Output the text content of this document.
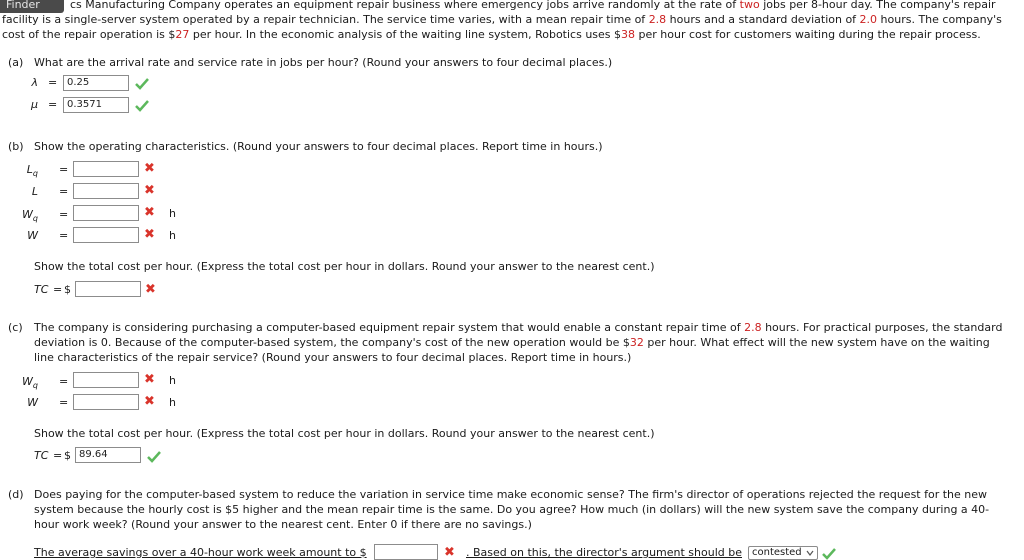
Finder	cs Manufacturing Company operates an equipment repair business where emergency jobs arrive randomly at the rate of two jobs per 8-hour day. The company's repair
facility is a single-server system operated by a repair technician. The service time varies, with a mean repair time of 2.8 hours and a standard deviation of 2.0 hours. The company's
cost of the repair operation is $27 per hour. In the economic analysis of the waiting line system, Robotics uses $38 per hour cost for customers waiting during the repair process.
(a) What are the arrival rate and service rate in jobs per hour? (Round your answers to four decimal places.)
λ = 0.25
μ = 0.3571
(b) Show the operating characteristics. (Round your answers to four decimal places. Report time in hours.)
$L_q$ =	✖
L =	✖
$W_q$ =	✖ h
W =	✖ h
Show the total cost per hour. (Express the total cost per hour in dollars. Round your answer to the nearest cent.)
TC = $	✖
(c) The company is considering purchasing a computer-based equipment repair system that would enable a constant repair time of 2.8 hours. For practical purposes, the standard
deviation is 0. Because of the computer-based system, the company's cost of the new operation would be $32 per hour. What effect will the new system have on the waiting
line characteristics of the repair service? (Round your answers to four decimal places. Report time in hours.)
$W_q$ =	✖ h
W =	✖ h
Show the total cost per hour. (Express the total cost per hour in dollars. Round your answer to the nearest cent.)
TC = $ 89.64
(d) Does paying for the computer-based system to reduce the variation in service time make economic sense? The firm's director of operations rejected the request for the new
system because the hourly cost is $5 higher and the mean repair time is the same. Do you agree? How much (in dollars) will the new system save the company during a 40-
hour work week? (Round your answer to the nearest cent. Enter 0 if there are no savings.)
The average savings over a 40-hour work week amount to $	✖ . Based on this, the director's argument should be	contested
